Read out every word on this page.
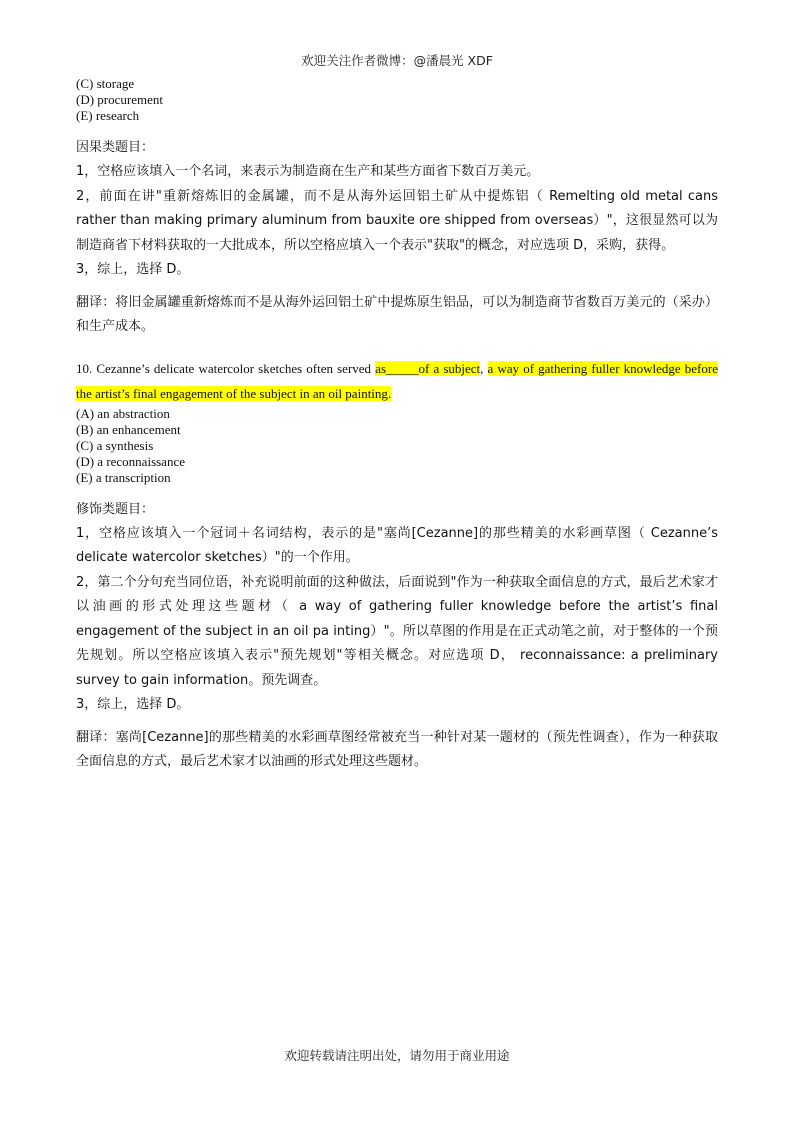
欢迎关注作者微博：@潘晨光 XDF

(C) storage

(D) procurement

(E) research

因果类题目：

1，空格应该填入一个名词，来表示为制造商在生产和某些方面省下数百万美元。

2，前面在讲"重新熔炼旧的金属罐，而不是从海外运回铝土矿从中提炼铝（ Remelting old metal cans rather than making primary aluminum from bauxite ore shipped from overseas）"，这很显然可以为制造商省下材料获取的一大批成本，所以空格应填入一个表示"获取"的概念，对应选项 D，采购，获得。

3，综上，选择 D。

翻译：将旧金属罐重新熔炼而不是从海外运回铝土矿中提炼原生铝品，可以为制造商节省数百万美元的（采办）和生产成本。

10. Cezanne’s delicate watercolor sketches often served as_____of a subject, a way of gathering fuller knowledge before the artist’s final engagement of the subject in an oil painting.

(A) an abstraction

(B) an enhancement

(C) a synthesis

(D) a reconnaissance

(E) a transcription

修饰类题目：

1，空格应该填入一个冠词＋名词结构，表示的是"塞尚[Cezanne]的那些精美的水彩画草图（ Cezanne’s delicate watercolor sketches）"的一个作用。

2，第二个分句充当同位语，补充说明前面的这种做法，后面说到"作为一种获取全面信息的方式，最后艺术家才以油画的形式处理这些题材（ a way of gathering fuller knowledge before the artist’s final engagement of the subject in an oil pa inting）"。所以草图的作用是在正式动笔之前，对于整体的一个预先规划。所以空格应该填入表示"预先规划"等相关概念。对应选项 D， reconnaissance: a preliminary survey to gain information。预先调查。

3，综上，选择 D。

翻译：塞尚[Cezanne]的那些精美的水彩画草图经常被充当一种针对某一题材的（预先性调查），作为一种获取全面信息的方式，最后艺术家才以油画的形式处理这些题材。

欢迎转载请注明出处，请勿用于商业用途
